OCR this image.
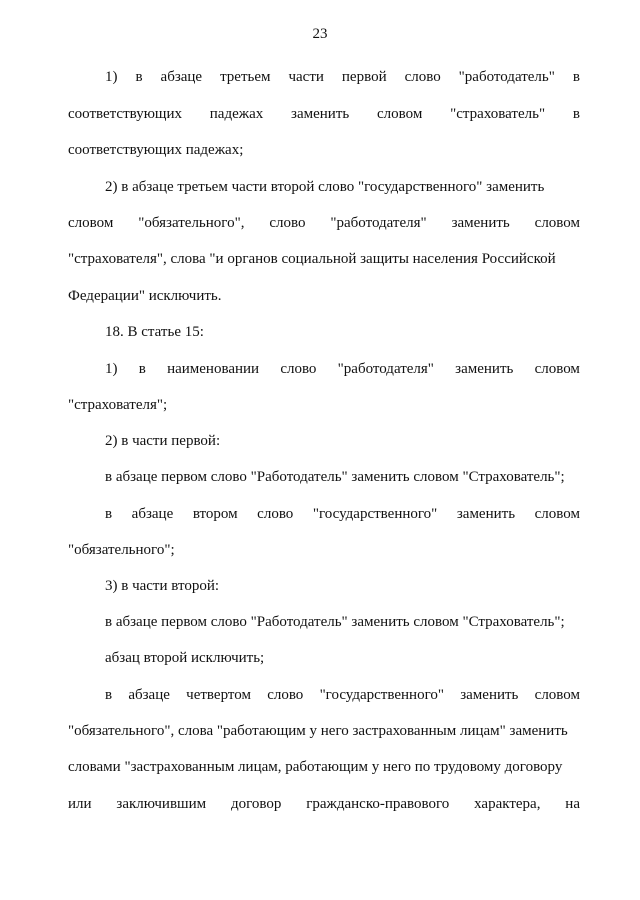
23
1) в абзаце третьем части первой слово "работодатель" в
соответствующих падежах заменить словом "страхователь" в
соответствующих падежах;
2) в абзаце третьем части второй слово "государственного" заменить
словом "обязательного", слово "работодателя" заменить словом
"страхователя", слова "и органов социальной защиты населения Российской
Федерации" исключить.
18. В статье 15:
1) в наименовании слово "работодателя" заменить словом
"страхователя";
2) в части первой:
в абзаце первом слово "Работодатель" заменить словом "Страхователь";
в абзаце втором слово "государственного" заменить словом
"обязательного";
3) в части второй:
в абзаце первом слово "Работодатель" заменить словом "Страхователь";
абзац второй исключить;
в абзаце четвертом слово "государственного" заменить словом
"обязательного", слова "работающим у него застрахованным лицам" заменить
словами "застрахованным лицам, работающим у него по трудовому договору
или заключившим договор гражданско-правового характера, на
